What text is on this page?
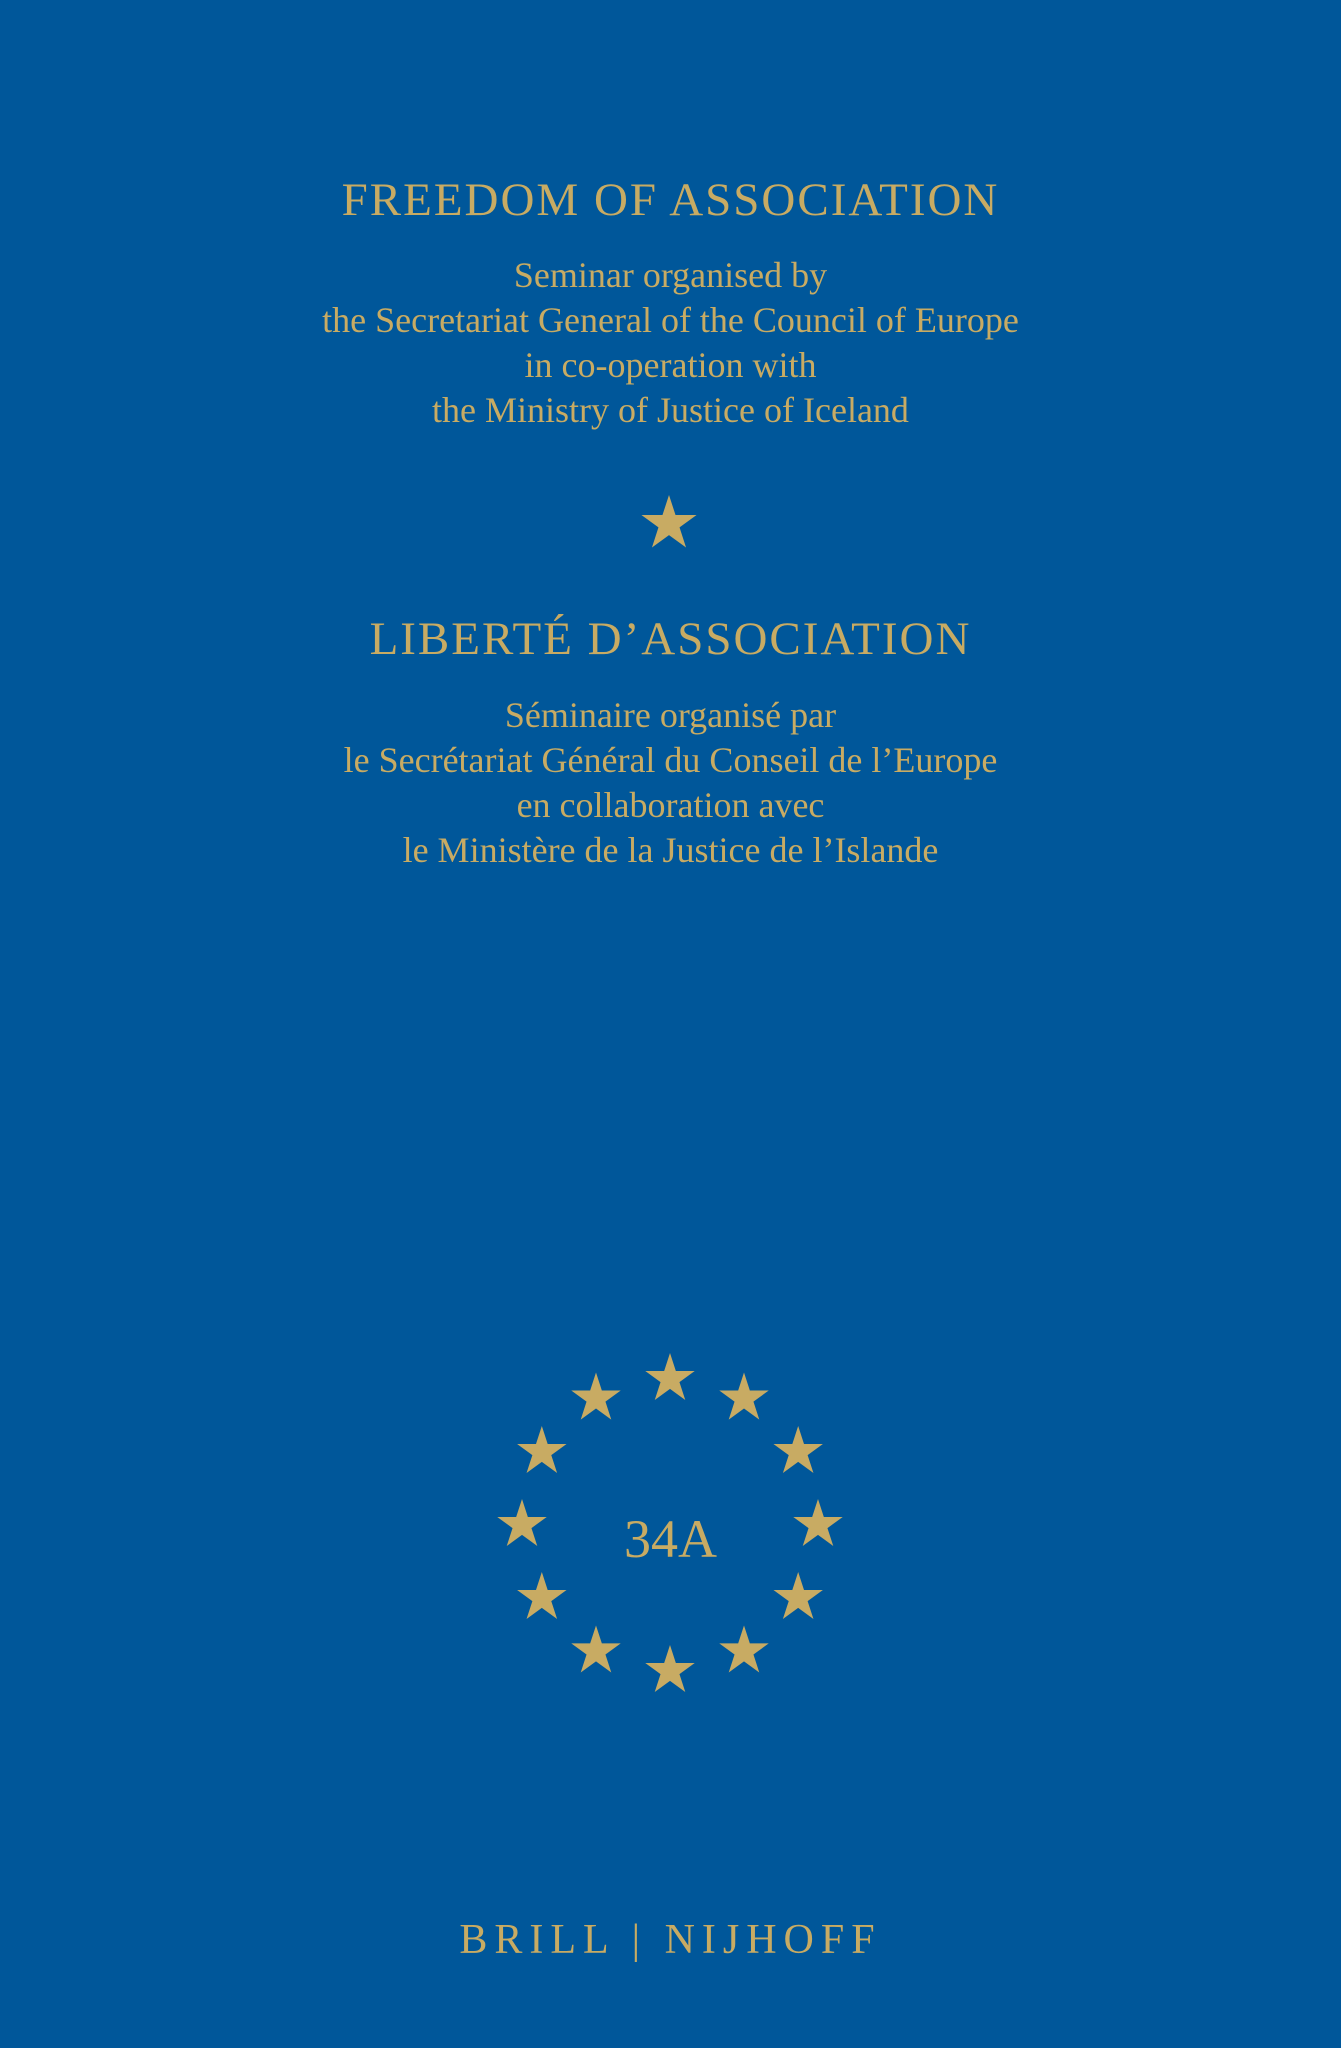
FREEDOM OF ASSOCIATION
Seminar organised by
the Secretariat General of the Council of Europe
in co-operation with
the Ministry of Justice of Iceland
LIBERTÉ D’ASSOCIATION
Séminaire organisé par
le Secrétariat Général du Conseil de l’Europe
en collaboration avec
le Ministère de la Justice de l’Islande
34A
BRILL | NIJHOFF
